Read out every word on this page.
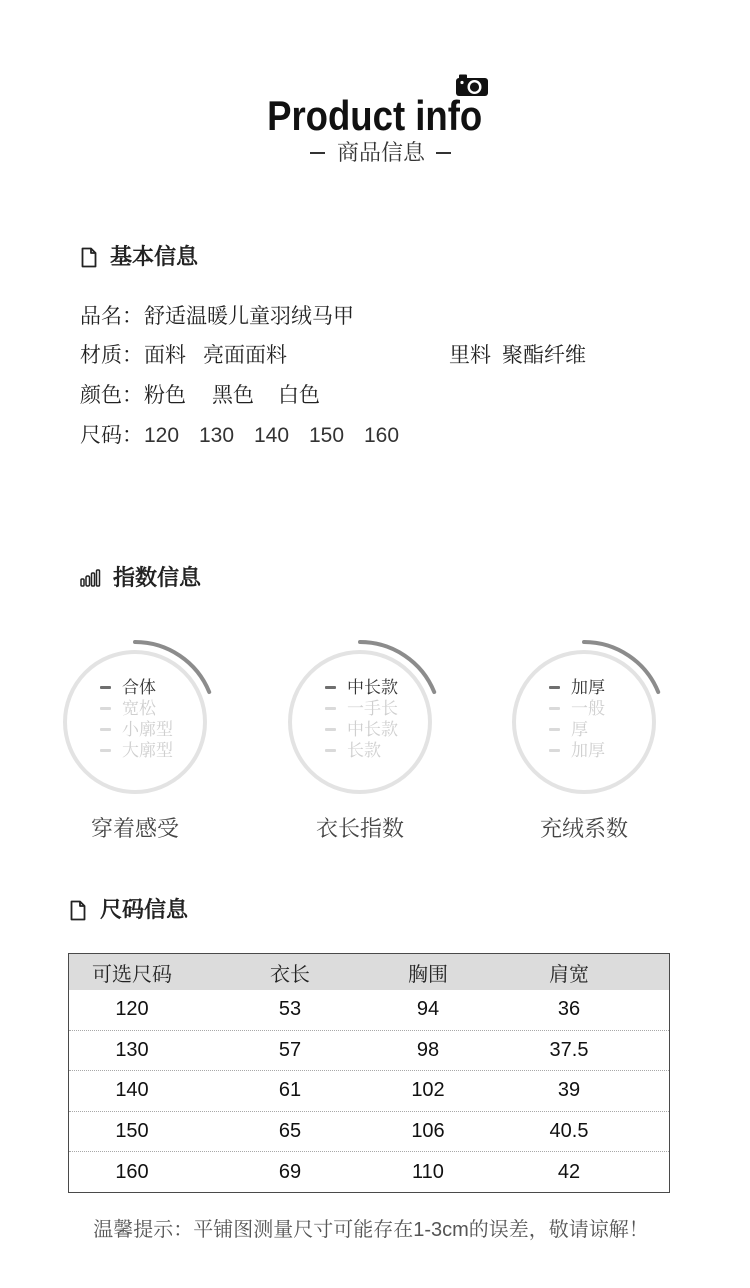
Product info
商品信息
基本信息
品名：舒适温暖儿童羽绒马甲
材质：面料 亮面面料	里料 聚酯纤维
颜色：粉色 黑色 白色
尺码：120 130 140 150 160
指数信息
合体
宽松
小廓型
大廓型
穿着感受
中长款
一手长
中长款
长款
衣长指数
加厚
一般
厚
加厚
充绒系数
尺码信息
可选尺码	衣长	胸围	肩宽
120	53	94	36
130	57	98	37.5
140	61	102	39
150	65	106	40.5
160	69	110	42
温馨提示：平铺图测量尺寸可能存在1-3cm的误差，敬请谅解！
